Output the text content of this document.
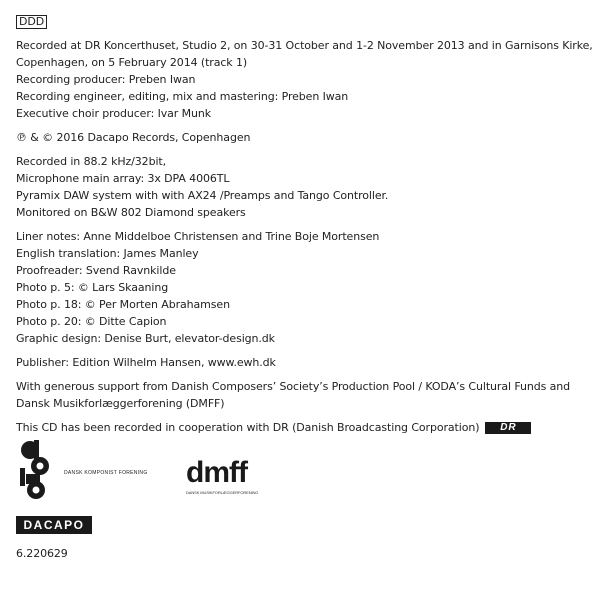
DDD
Recorded at DR Koncerthuset, Studio 2, on 30-31 October and 1-2 November 2013 and in Garnisons Kirke,
Copenhagen, on 5 February 2014 (track 1)
Recording producer: Preben Iwan
Recording engineer, editing, mix and mastering: Preben Iwan
Executive choir producer: Ivar Munk
℗ & © 2016 Dacapo Records, Copenhagen
Recorded in 88.2 kHz/32bit,
Microphone main array: 3x DPA 4006TL
Pyramix DAW system with with AX24 /Preamps and Tango Controller.
Monitored on B&W 802 Diamond speakers
Liner notes: Anne Middelboe Christensen and Trine Boje Mortensen
English translation: James Manley
Proofreader: Svend Ravnkilde
Photo p. 5: © Lars Skaaning
Photo p. 18: © Per Morten Abrahamsen
Photo p. 20: © Ditte Capion
Graphic design: Denise Burt, elevator-design.dk
Publisher: Edition Wilhelm Hansen, www.ewh.dk
With generous support from Danish Composers’ Society’s Production Pool / KODA’s Cultural Funds and Dansk Musikforlæggerforening (DMFF)
This CD has been recorded in cooperation with DR (Danish Broadcasting Corporation)	DR
DANSK KOMPONIST FORENING dmff
DANSK MUSIKFORLÆGGERFORENING
DACAPO
6.220629
